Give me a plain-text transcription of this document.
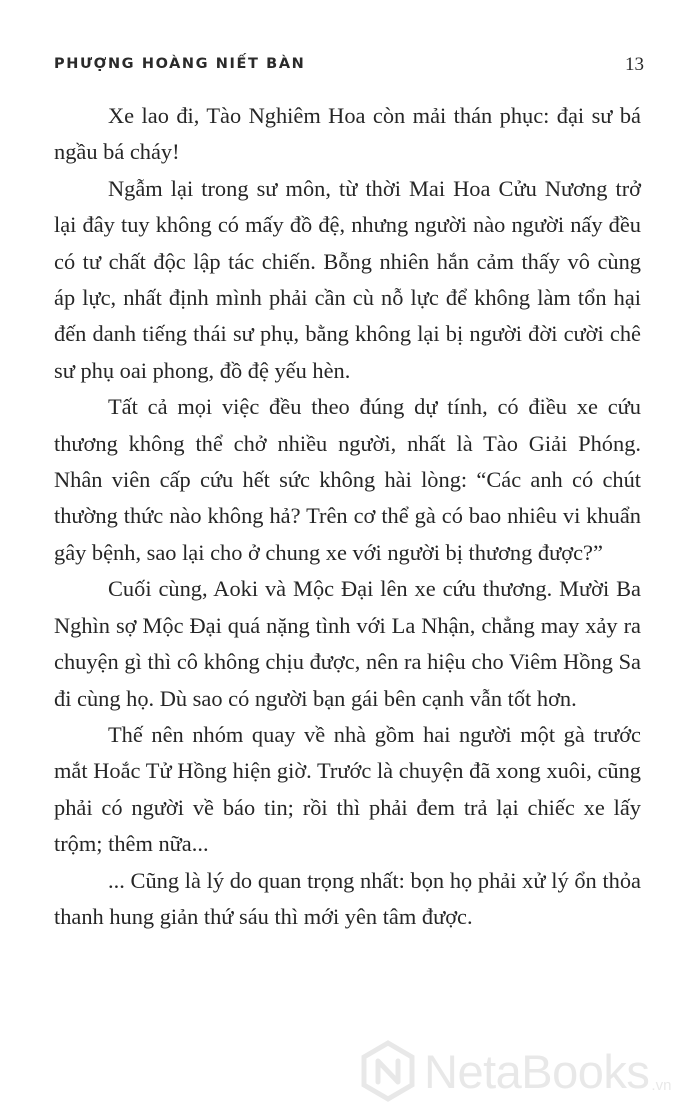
PHƯỢNG HOÀNG NIẾT BÀN	13

Xe lao đi, Tào Nghiêm Hoa còn mải thán phục: đại sư bá ngầu bá cháy!

Ngẫm lại trong sư môn, từ thời Mai Hoa Cửu Nương trở lại đây tuy không có mấy đồ đệ, nhưng người nào người nấy đều có tư chất độc lập tác chiến. Bỗng nhiên hắn cảm thấy vô cùng áp lực, nhất định mình phải cần cù nỗ lực để không làm tổn hại đến danh tiếng thái sư phụ, bằng không lại bị người đời cười chê sư phụ oai phong, đồ đệ yếu hèn.

Tất cả mọi việc đều theo đúng dự tính, có điều xe cứu thương không thể chở nhiều người, nhất là Tào Giải Phóng. Nhân viên cấp cứu hết sức không hài lòng: “Các anh có chút thường thức nào không hả? Trên cơ thể gà có bao nhiêu vi khuẩn gây bệnh, sao lại cho ở chung xe với người bị thương được?”

Cuối cùng, Aoki và Mộc Đại lên xe cứu thương. Mười Ba Nghìn sợ Mộc Đại quá nặng tình với La Nhận, chẳng may xảy ra chuyện gì thì cô không chịu được, nên ra hiệu cho Viêm Hồng Sa đi cùng họ. Dù sao có người bạn gái bên cạnh vẫn tốt hơn.

Thế nên nhóm quay về nhà gồm hai người một gà trước mắt Hoắc Tử Hồng hiện giờ. Trước là chuyện đã xong xuôi, cũng phải có người về báo tin; rồi thì phải đem trả lại chiếc xe lấy trộm; thêm nữa...

... Cũng là lý do quan trọng nhất: bọn họ phải xử lý ổn thỏa thanh hung giản thứ sáu thì mới yên tâm được.

NetaBooks .vn
